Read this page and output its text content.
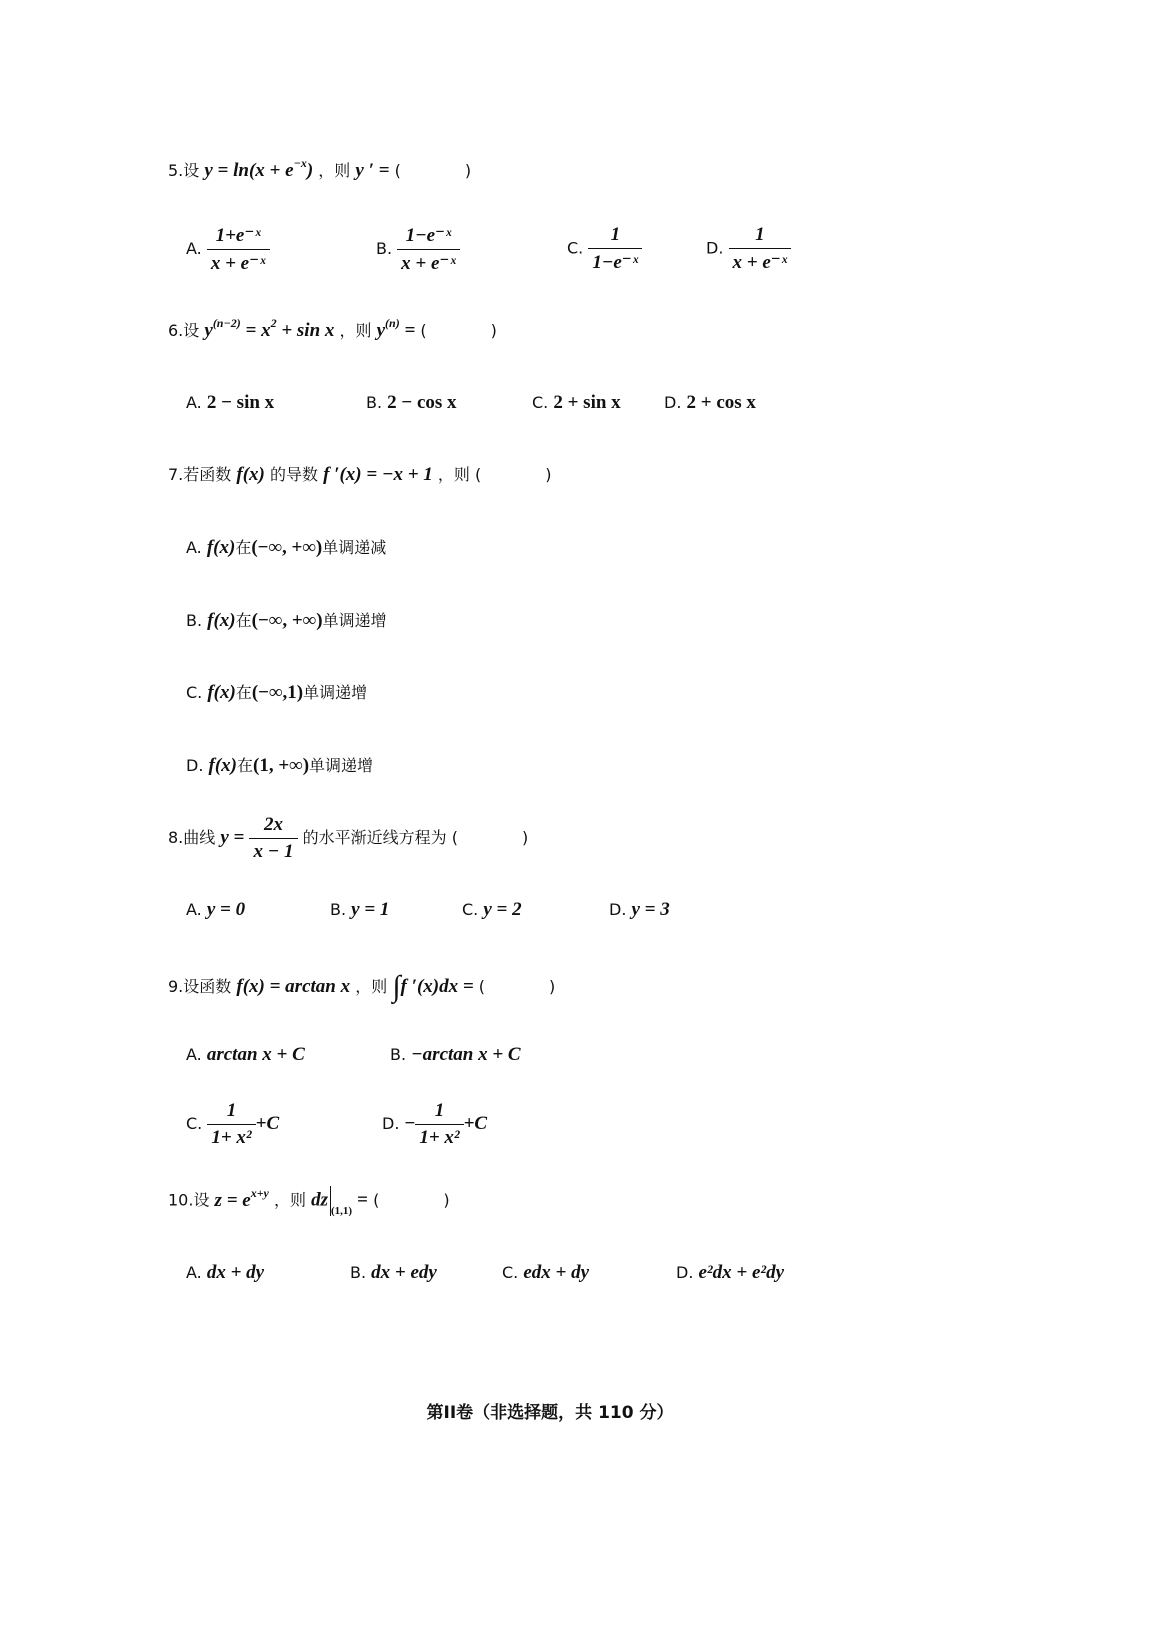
5.设 $y = \ln(x + e^{-x})$ ，则 y ′ = (　　　　)
A. $\frac{\text{1+e⁻ˣ}}{\text{x + e⁻ˣ}}$	B. $\frac{\text{1−e⁻ˣ}}{\text{x + e⁻ˣ}}$	C. $\frac{1}{\text{1−e⁻ˣ}}$	D. $\frac{1}{\text{x + e⁻ˣ}}$
6.设 $y^{(n-2)} = x^2 + \sin x$ ，则 $y^{(n)}$ = (　　　　)
A. 2 − sin x	B. 2 − cos x	C. 2 + sin x	D. 2 + cos x
7.若函数 f(x) 的导数 f ′(x) = −x + 1 ，则 (　　　　)
A. f(x)在(−∞, +∞)单调递减
B. f(x)在(−∞, +∞)单调递增
C. f(x)在(−∞,1)单调递增
D. f(x)在(1, +∞)单调递增
8.曲线 $y = \frac{2x}{x - 1}$ 的水平渐近线方程为 (　　　　)
A. y = 0	B. y = 1	C. y = 2	D. y = 3
9.设函数 f(x) = arctan x ，则 ∫f ′(x)dx = (　　　　)
A. arctan x + C	B. −arctan x + C
C. $\frac{1}{\text{1+ x²}} +C$	D. − $\frac{1}{\text{1+ x²}} +C$
10.设 $z = e^{x+y}$ ，则 dz $_{(1,1)}$ = (　　　　)
A. dx + dy	B. dx + edy	C. edx + dy	D. e²dx + e²dy
第II卷（非选择题，共 110 分）
